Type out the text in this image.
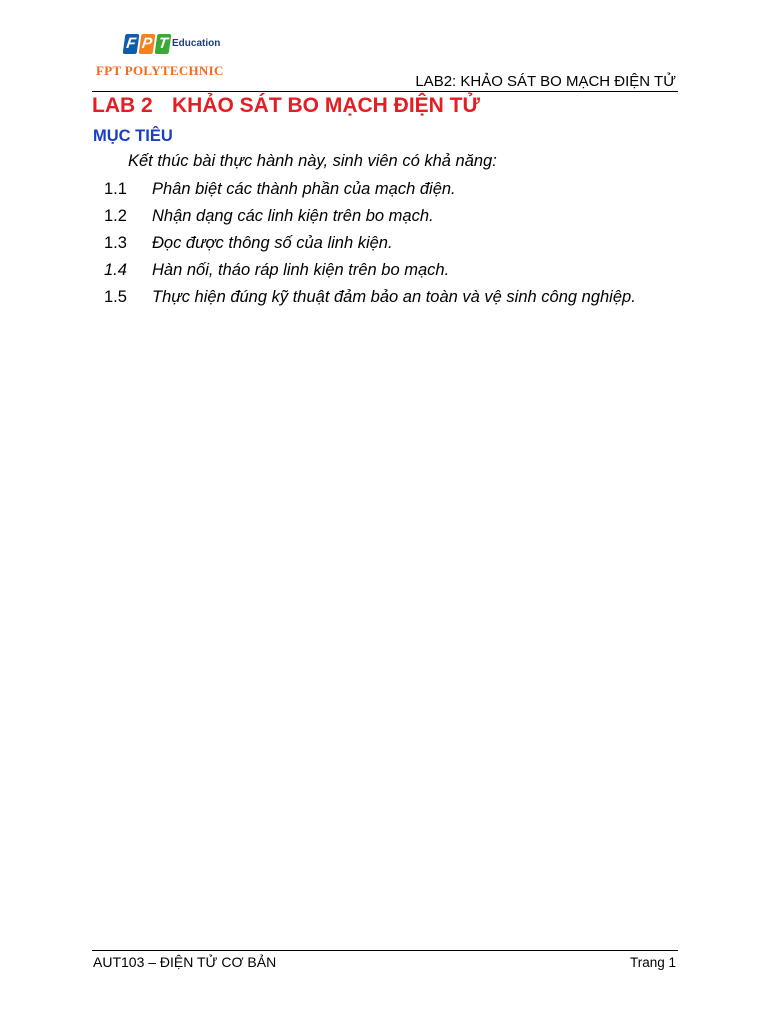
F P T Education
FPT POLYTECHNIC
LAB2: KHẢO SÁT BO MẠCH ĐIỆN TỬ
LAB 2 KHẢO SÁT BO MẠCH ĐIỆN TỬ
MỤC TIÊU
Kết thúc bài thực hành này, sinh viên có khả năng:
1.1	Phân biệt các thành phần của mạch điện.
1.2	Nhận dạng các linh kiện trên bo mạch.
1.3	Đọc được thông số của linh kiện.
1.4	Hàn nối, tháo ráp linh kiện trên bo mạch.
1.5	Thực hiện đúng kỹ thuật đảm bảo an toàn và vệ sinh công nghiệp.
AUT103 – ĐIỆN TỬ CƠ BẢN	Trang 1
